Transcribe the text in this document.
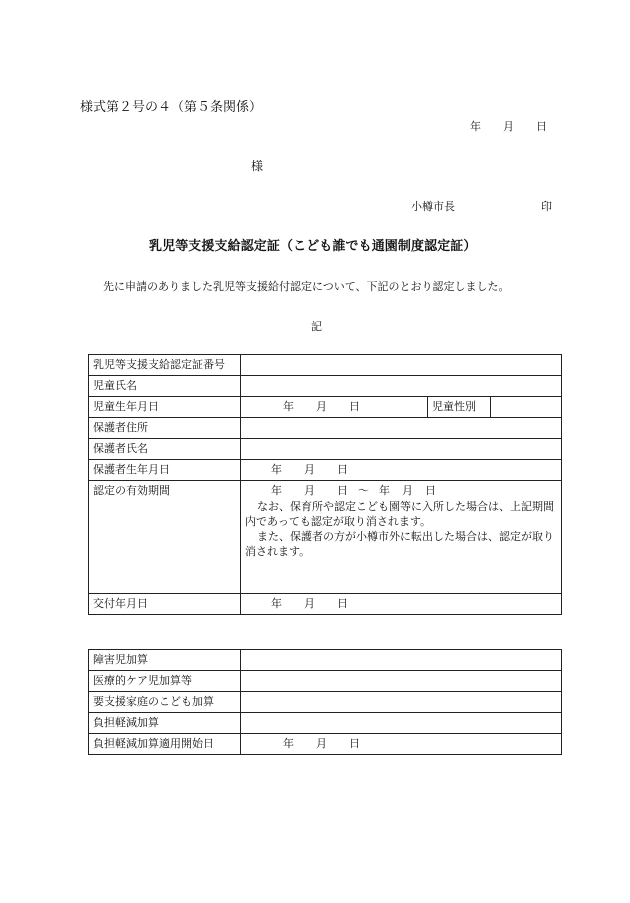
様式第２号の４（第５条関係）
年 月 日
様
小樽市長	印
乳児等支援支給認定証（こども誰でも通園制度認定証）
先に申請のありました乳児等支援給付認定について、下記のとおり認定しました。
記
乳児等支援支給認定証番号			
児童氏名			
児童生年月日	年 月 日	児童性別	
保護者住所			
保護者氏名			
保護者生年月日	年 月 日		
認定の有効期間	年 月 日 〜 年 月 日
なお、保育所や認定こども園等に入所した場合は、上記期間
内であっても認定が取り消されます。
また、保護者の方が小樽市外に転出した場合は、認定が取り
消されます。		

交付年月日	年 月 日		
障害児加算	
医療的ケア児加算等	
要支援家庭のこども加算	
負担軽減加算	
負担軽減加算適用開始日	年 月 日
